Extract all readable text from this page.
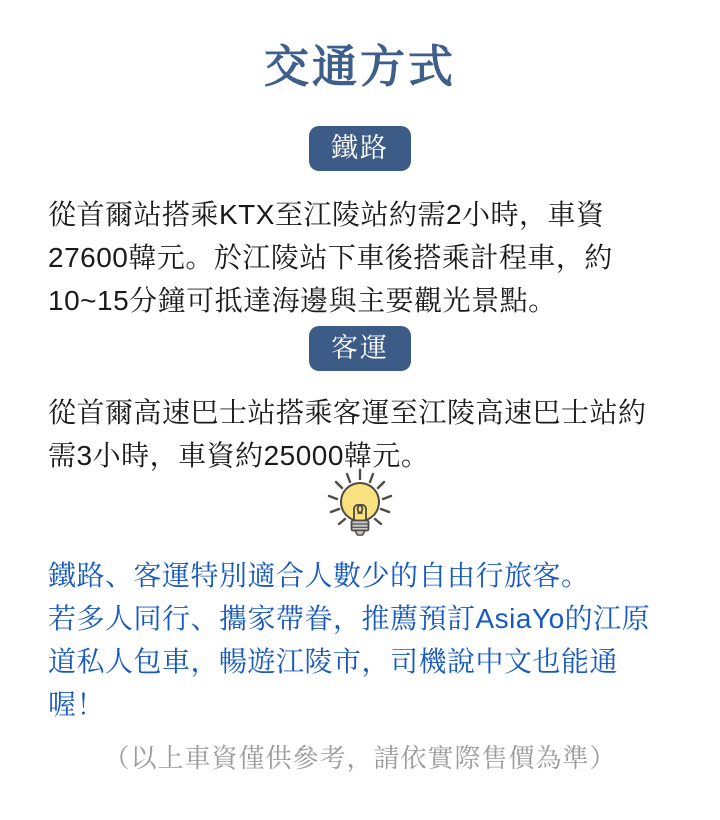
交通方式
鐵路

從首爾站搭乘KTX至江陵站約需2小時，車資27600韓元。於江陵站下車後搭乘計程車，約10~15分鐘可抵達海邊與主要觀光景點。

客運

從首爾高速巴士站搭乘客運至江陵高速巴士站約需3小時，車資約25000韓元。

鐵路、客運特別適合人數少的自由行旅客。
若多人同行、攜家帶眷，推薦預訂AsiaYo的江原道私人包車，暢遊江陵市，司機說中文也能通喔！

（以上車資僅供參考，請依實際售價為準）
